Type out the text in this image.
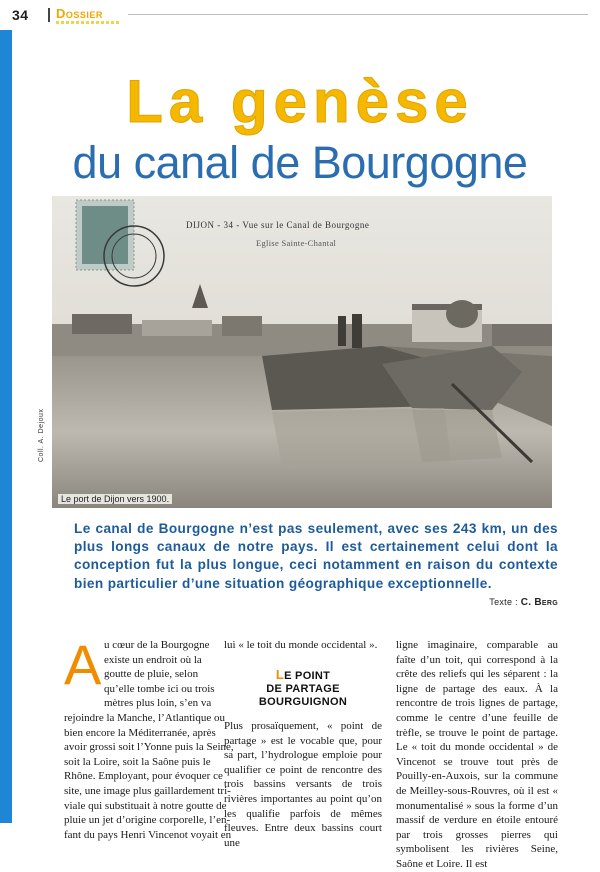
34 Dossier
La genèse
du canal de Bourgogne
DIJON - 34 - Vue sur le Canal de Bourgogne
Eglise Sainte-Chantal
Le port de Dijon vers 1900.
Coll. A. Dejoux
Le canal de Bourgogne n’est pas seulement, avec ses 243 km, un des plus longs canaux de notre pays. Il est certainement celui dont la conception fut la plus longue, ceci notamment en raison du contexte bien particulier d’une situation géographique exceptionnelle.
Texte : C. Berg
A u cœur de la Bourgogne
existe un endroit où la
goutte de pluie, selon
qu’elle tombe ici ou trois
mètres plus loin, s’en va
rejoindre la Manche, l’Atlantique ou
bien encore la Méditerranée, après
avoir grossi soit l’Yonne puis la Seine,
soit la Loire, soit la Saône puis le
Rhône. Employant, pour évoquer ce
site, une image plus gaillardement tri-
viale qui substituait à notre goutte de
pluie un jet d’origine corporelle, l’en-
fant du pays Henri Vincenot voyait en
lui « le toit du monde occidental ».
LE POINT
DE PARTAGE
BOURGUIGNON
Plus prosaïquement, « point de partage » est le vocable que, pour sa part, l’hydrologue emploie pour qualifier ce point de rencontre des trois bassins versants de trois rivières importantes au point qu’on les qualifie parfois de mêmes fleuves. Entre deux bassins court une
ligne imaginaire, comparable au faîte d’un toit, qui correspond à la crête des reliefs qui les séparent : la ligne de partage des eaux. À la rencontre de trois lignes de partage, comme le centre d’une feuille de trèfle, se trouve le point de partage. Le « toit du monde occidental » de Vincenot se trouve tout près de Pouilly-en-Auxois, sur la commune de Meilley-sous-Rouvres, où il est « monumentalisé » sous la forme d’un massif de verdure en étoile entouré par trois grosses pierres qui symbolisent les rivières Seine, Saône et Loire. Il est
